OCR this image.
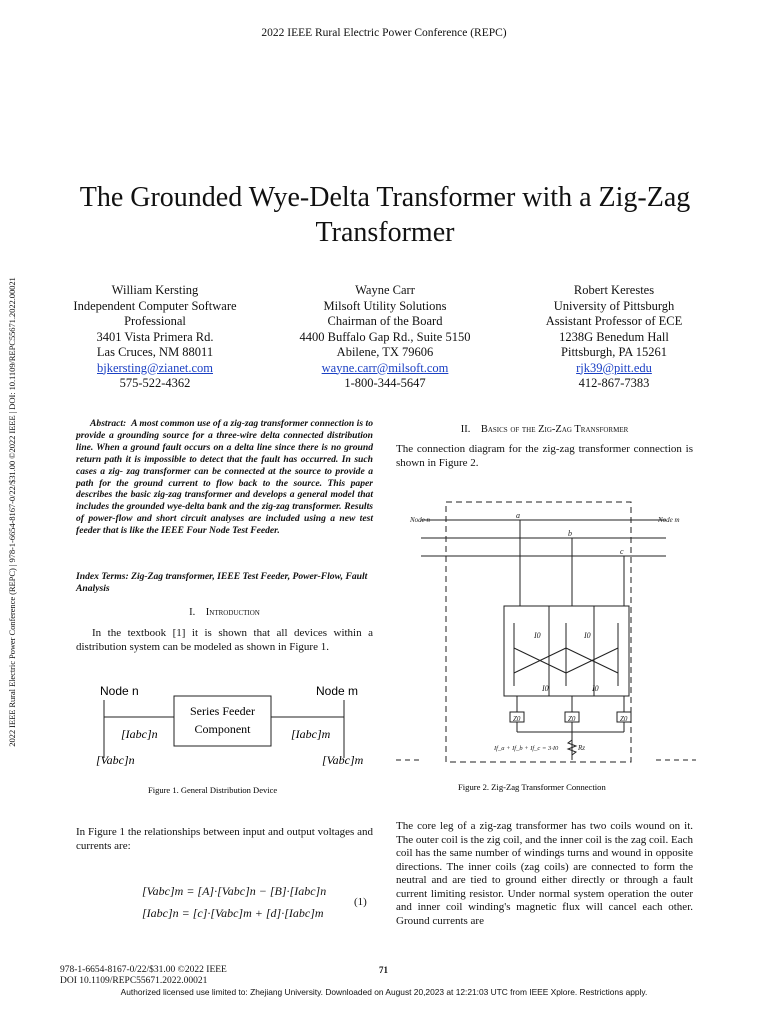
2022 IEEE Rural Electric Power Conference (REPC)
2022 IEEE Rural Electric Power Conference (REPC) | 978-1-6654-8167-0/22/$31.00 ©2022 IEEE | DOI: 10.1109/REPC55671.2022.00021
The Grounded Wye-Delta Transformer with a Zig-Zag Transformer
William Kersting
Independent Computer Software
Professional
3401 Vista Primera Rd.
Las Cruces, NM 88011
bjkersting@zianet.com
575-522-4362
Wayne Carr
Milsoft Utility Solutions
Chairman of the Board
4400 Buffalo Gap Rd., Suite 5150
Abilene, TX 79606
wayne.carr@milsoft.com
1-800-344-5647
Robert Kerestes
University of Pittsburgh
Assistant Professor of ECE
1238G Benedum Hall
Pittsburgh, PA 15261
rjk39@pitt.edu
412-867-7383
Abstract: A most common use of a zig-zag transformer connection is to provide a grounding source for a three-wire delta connected distribution line. When a ground fault occurs on a delta line since there is no ground return path it is impossible to detect that the fault has occurred. In such cases a zig- zag transformer can be connected at the source to provide a path for the ground current to flow back to the source. This paper describes the basic zig-zag transformer and develops a general model that includes the grounded wye-delta bank and the zig-zag transformer. Results of power-flow and short circuit analyses are included using a new test feeder that is like the IEEE Four Node Test Feeder.
Index Terms: Zig-Zag transformer, IEEE Test Feeder, Power-Flow, Fault Analysis
I. Introduction
In the textbook [1] it is shown that all devices within a distribution system can be modeled as shown in Figure 1.
Node n	Node m
Series Feeder
Component
[Iabc]n	[Iabc]m
[Vabc]n	[Vabc]m
Figure 1. General Distribution Device
In Figure 1 the relationships between input and output voltages and currents are:
[Vabc]m = [A]·[Vabc]n − [B]·[Iabc]n
[Iabc]n = [c]·[Vabc]m + [d]·[Iabc]m
(1)
II. Basics of the Zig-Zag Transformer
The connection diagram for the zig-zag transformer connection is shown in Figure 2.
Node n	Node m
a
b
c
Z0	Z0	Z0
Rz
If_a + If_b + If_c = 3·I0
I0	I0
I0	I0
Figure 2. Zig-Zag Transformer Connection
The core leg of a zig-zag transformer has two coils wound on it. The outer coil is the zig coil, and the inner coil is the zag coil. Each coil has the same number of windings turns and wound in opposite directions. The inner coils (zag coils) are connected to form the neutral and are tied to ground either directly or through a fault current limiting resistor. Under normal system operation the outer and inner coil winding's magnetic flux will cancel each other. Ground currents are
978-1-6654-8167-0/22/$31.00 ©2022 IEEE
DOI 10.1109/REPC55671.2022.00021
71
Authorized licensed use limited to: Zhejiang University. Downloaded on August 20,2023 at 12:21:03 UTC from IEEE Xplore. Restrictions apply.
